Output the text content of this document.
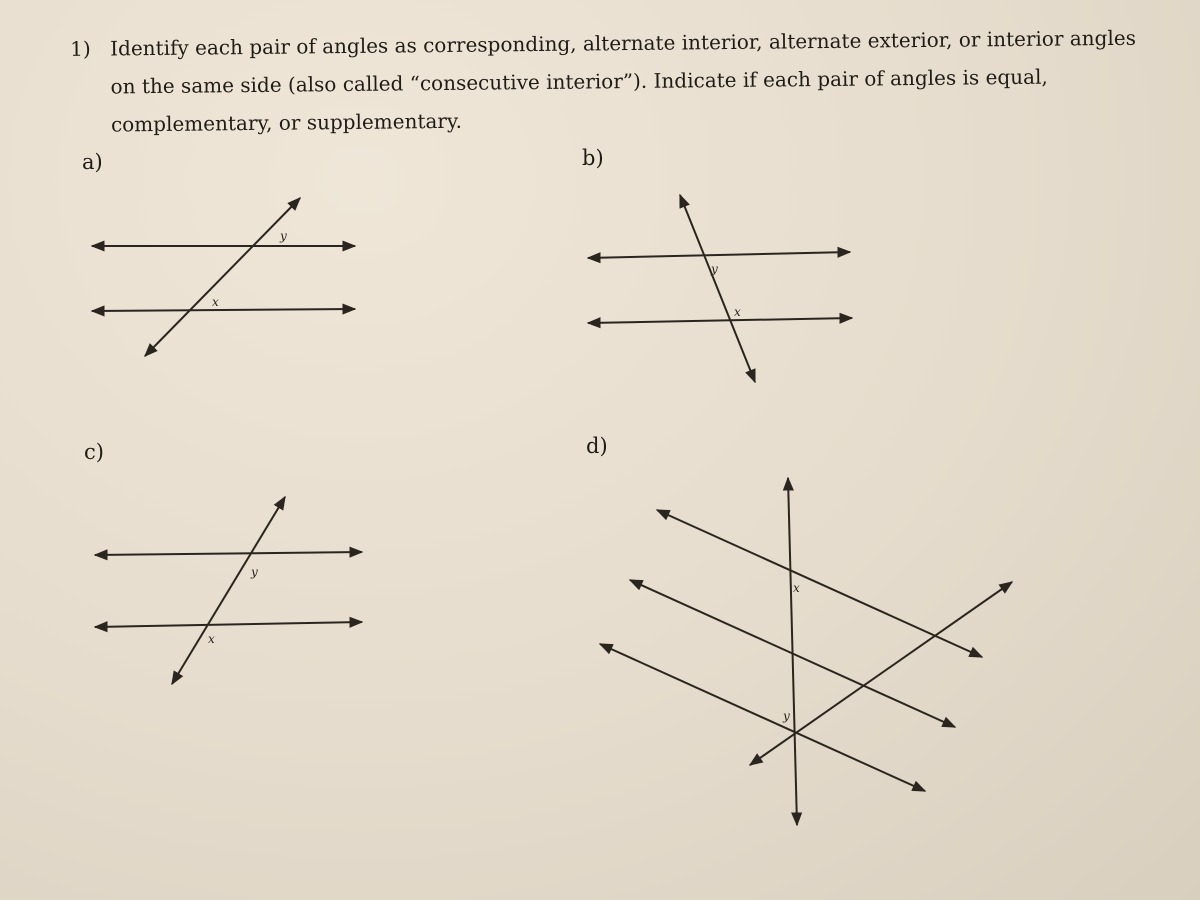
1) Identify each pair of angles as corresponding, alternate interior, alternate exterior, or interior angles on the same side (also called “consecutive interior”). Indicate if each pair of angles is equal, complementary, or supplementary.
a)	b)
c)	d)
y
x
y
x
y
x
x
y
